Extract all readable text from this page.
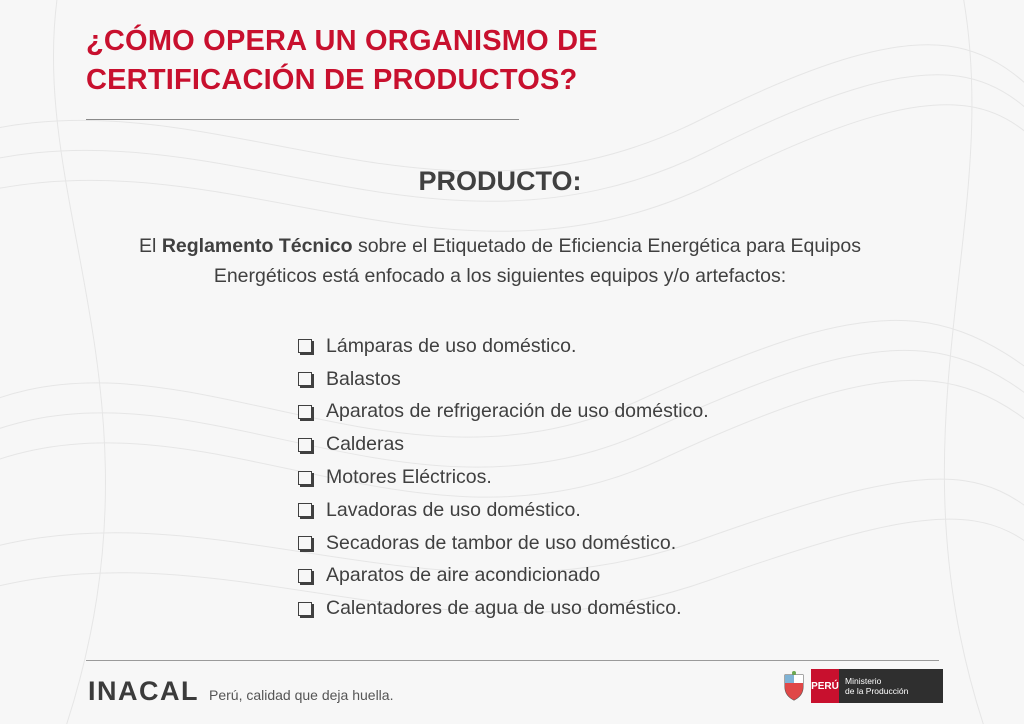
¿CÓMO OPERA UN ORGANISMO DE CERTIFICACIÓN DE PRODUCTOS?
PRODUCTO:

El Reglamento Técnico sobre el Etiquetado de Eficiencia Energética para Equipos Energéticos está enfocado a los siguientes equipos y/o artefactos:

Lámparas de uso doméstico.
Balastos
Aparatos de refrigeración de uso doméstico.
Calderas
Motores Eléctricos.
Lavadoras de uso doméstico.
Secadoras de tambor de uso doméstico.
Aparatos de aire acondicionado
Calentadores de agua de uso doméstico.
INACAL Perú, calidad que deja huella.
PERÚ Ministerio
de la Producción
